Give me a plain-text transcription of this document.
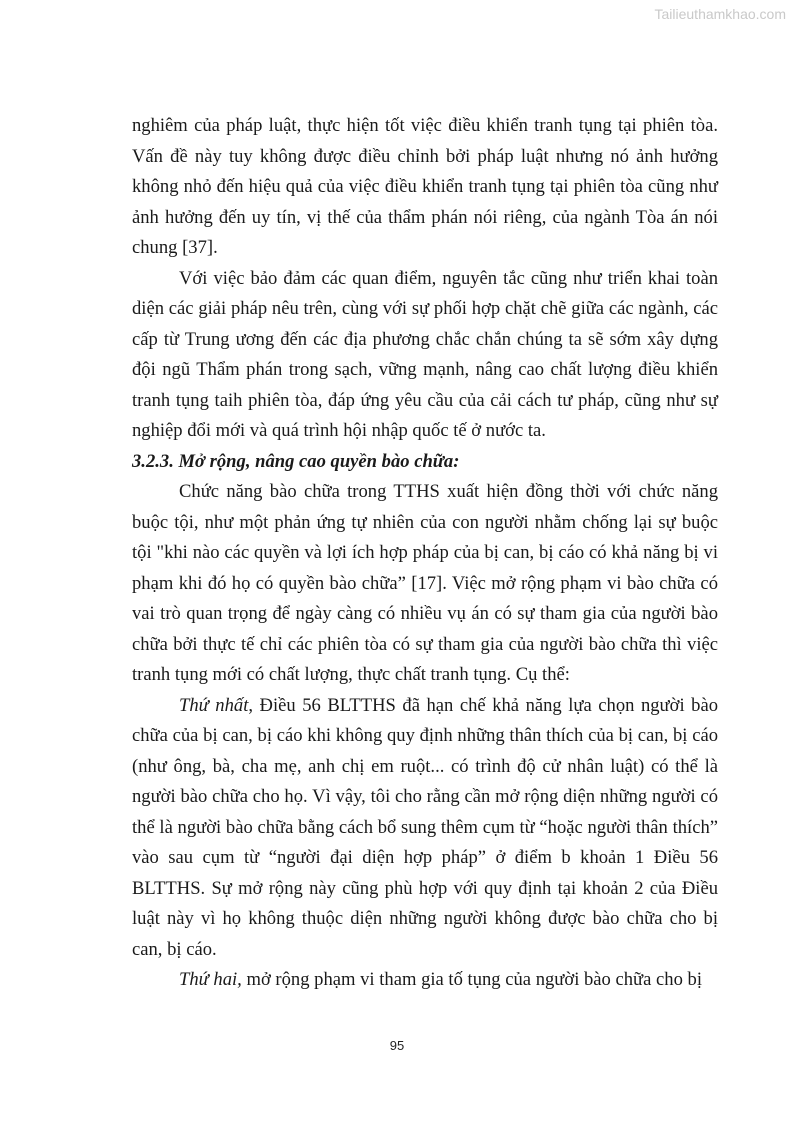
Tailieuthamkhao.com

nghiêm của pháp luật, thực hiện tốt việc điều khiển tranh tụng tại phiên tòa. Vấn đề này tuy không được điều chỉnh bởi pháp luật nhưng nó ảnh hưởng không nhỏ đến hiệu quả của việc điều khiển tranh tụng tại phiên tòa cũng như ảnh hưởng đến uy tín, vị thế của thẩm phán nói riêng, của ngành Tòa án nói chung [37].

Với việc bảo đảm các quan điểm, nguyên tắc cũng như triển khai toàn diện các giải pháp nêu trên, cùng với sự phối hợp chặt chẽ giữa các ngành, các cấp từ Trung ương đến các địa phương chắc chắn chúng ta sẽ sớm xây dựng đội ngũ Thẩm phán trong sạch, vững mạnh, nâng cao chất lượng điều khiển tranh tụng taih phiên tòa, đáp ứng yêu cầu của cải cách tư pháp, cũng như sự nghiệp đổi mới và quá trình hội nhập quốc tế ở nước ta.

3.2.3. Mở rộng, nâng cao quyền bào chữa:

Chức năng bào chữa trong TTHS xuất hiện đồng thời với chức năng buộc tội, như một phản ứng tự nhiên của con người nhằm chống lại sự buộc tội "khi nào các quyền và lợi ích hợp pháp của bị can, bị cáo có khả năng bị vi phạm khi đó họ có quyền bào chữa” [17]. Việc mở rộng phạm vi bào chữa có vai trò quan trọng để ngày càng có nhiều vụ án có sự tham gia của người bào chữa bởi thực tế chỉ các phiên tòa có sự tham gia của người bào chữa thì việc tranh tụng mới có chất lượng, thực chất tranh tụng. Cụ thể:

Thứ nhất, Điều 56 BLTTHS đã hạn chế khả năng lựa chọn người bào chữa của bị can, bị cáo khi không quy định những thân thích của bị can, bị cáo (như ông, bà, cha mẹ, anh chị em ruột... có trình độ cử nhân luật) có thể là người bào chữa cho họ. Vì vậy, tôi cho rằng cần mở rộng diện những người có thể là người bào chữa bằng cách bổ sung thêm cụm từ “hoặc người thân thích” vào sau cụm từ “người đại diện hợp pháp” ở điểm b khoản 1 Điều 56 BLTTHS. Sự mở rộng này cũng phù hợp với quy định tại khoản 2 của Điều luật này vì họ không thuộc diện những người không được bào chữa cho bị can, bị cáo.

Thứ hai, mở rộng phạm vi tham gia tố tụng của người bào chữa cho bị

95
